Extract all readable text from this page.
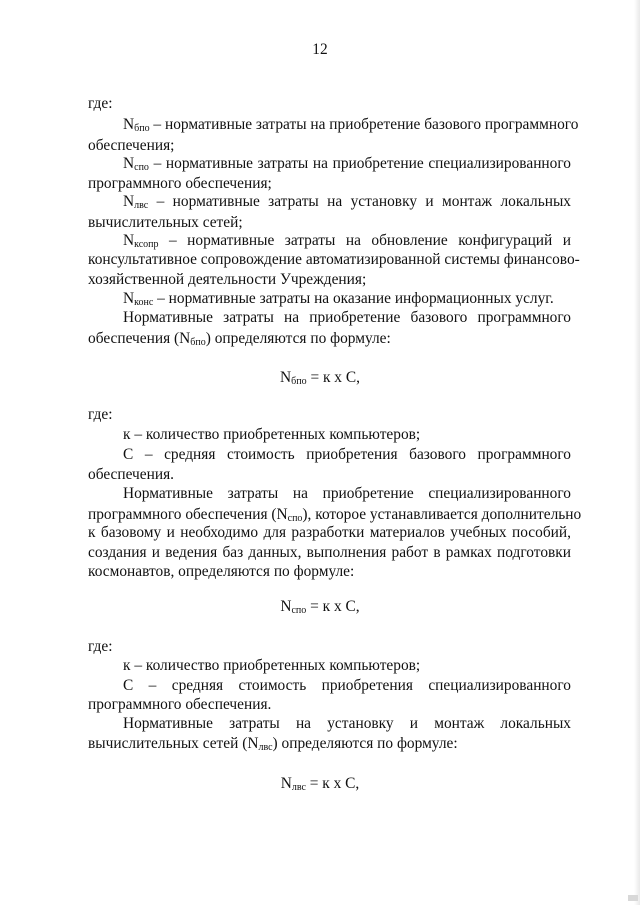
12
где:
$N_{бпо}$ – нормативные затраты на приобретение базового программного
обеспечения;
$N_{спо}$ – нормативные затраты на приобретение специализированного
программного обеспечения;
$N_{лвс}$ – нормативные затраты на установку и монтаж локальных
вычислительных сетей;
$N_{ксопр}$ – нормативные затраты на обновление конфигураций и
консультативное сопровождение автоматизированной системы финансово-
хозяйственной деятельности Учреждения;
$N_{конс}$ – нормативные затраты на оказание информационных услуг.
Нормативные затраты на приобретение базового программного
обеспечения $(N_{бпо})$ определяются по формуле:
$N_{бпо} = к$ х С,
где:
к – количество приобретенных компьютеров;
С – средняя стоимость приобретения базового программного
обеспечения.
Нормативные затраты на приобретение специализированного
программного обеспечения $(N_{спо})$, которое устанавливается дополнительно
к базовому и необходимо для разработки материалов учебных пособий,
создания и ведения баз данных, выполнения работ в рамках подготовки
космонавтов, определяются по формуле:
$N_{спо} = к$ х С,
где:
к – количество приобретенных компьютеров;
С – средняя стоимость приобретения специализированного
программного обеспечения.
Нормативные затраты на установку и монтаж локальных
вычислительных сетей $(N_{лвс})$ определяются по формуле:
$N_{лвс} = к$ х С,
